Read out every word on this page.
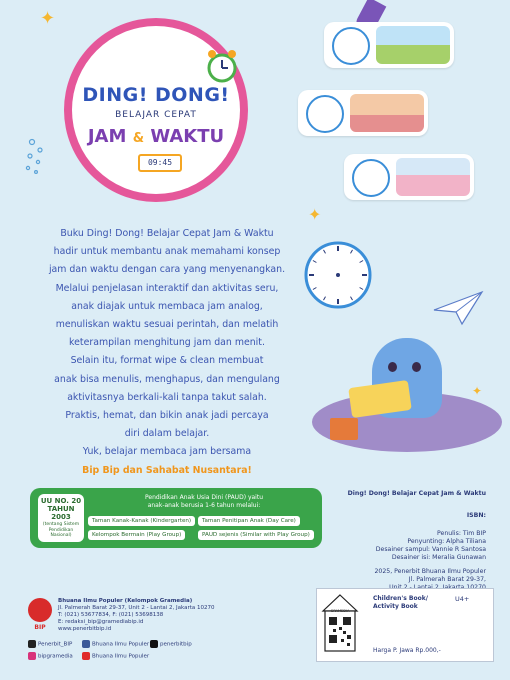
✦
✦
✦
DING! DONG!
BELAJAR CEPAT
JAM & WAKTU
09:45
Buku Ding! Dong! Belajar Cepat Jam & Waktu
hadir untuk membantu anak memahami konsep
jam dan waktu dengan cara yang menyenangkan.
Melalui penjelasan interaktif dan aktivitas seru,
anak diajak untuk membaca jam analog,
menuliskan waktu sesuai perintah, dan melatih
keterampilan menghitung jam dan menit.
Selain itu, format wipe & clean membuat
anak bisa menulis, menghapus, dan mengulang
aktivitasnya berkali-kali tanpa takut salah.
Praktis, hemat, dan bikin anak jadi percaya
diri dalam belajar.
Yuk, belajar membaca jam bersama
Bip Bip dan Sahabat Nusantara!
UU NO. 20
TAHUN 2003
(tentang Sistem Pendidikan Nasional)
Pendidikan Anak Usia Dini (PAUD) yaitu
anak-anak berusia 1-6 tahun melalui:
Taman Kanak-Kanak (Kindergarten)	Taman Penitipan Anak (Day Care)
Kelompok Bermain (Play Group)	PAUD sejenis (Similar with Play Group)
Ding! Dong! Belajar Cepat Jam & Waktu
ISBN:
Penulis: Tim BIP
Penyunting: Alpha Tiliana
Desainer sampul: Vannie R Santosa
Desainer isi: Meralia Gunawan
2025, Penerbit Bhuana Ilmu Populer
Jl. Palmerah Barat 29-37,
BIP
Bhuana Ilmu Populer (Kelompok Gramedia)
Jl. Palmerah Barat 29-37, Unit 2 - Lantai 2, Jakarta 10270
T: (021) 53677834, F: (021) 53698138
E: redaksi_bip@gramediabip.id
www.penerbitbip.id
Penerbit_BIP	Bhuana Ilmu Populer	penerbitbip
bipgramedia	Bhuana Ilmu Populer
GRAMEDIA
Children's Book/
Activity Book
U4+
Harga P. Jawa Rp.000,-
